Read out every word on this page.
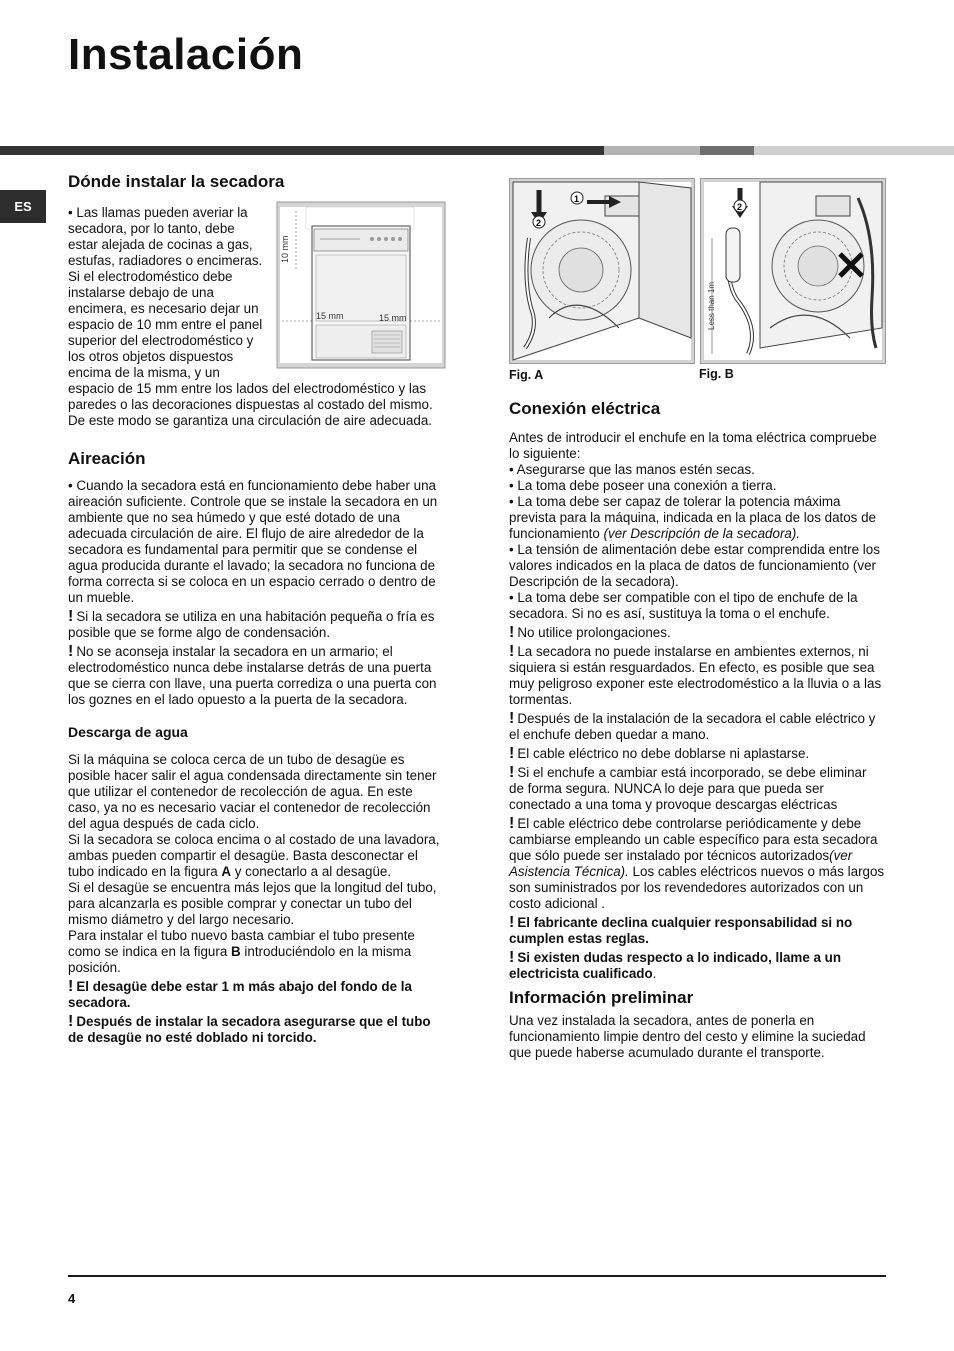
Instalación
ES
Dónde instalar la secadora
10 mm
15 mm	15 mm

• Las llamas pueden averiar la secadora, por lo tanto, debe estar alejada de cocinas a gas, estufas, radiadores o encimeras.

Si el electrodoméstico debe instalarse debajo de una encimera, es necesario dejar un espacio de 10 mm entre el panel superior del electrodoméstico y los otros objetos dispuestos encima de la misma, y un espacio de 15 mm entre los lados del electrodoméstico y las paredes o las decoraciones dispuestas al costado del mismo. De este modo se garantiza una circulación de aire adecuada.

Aireación

• Cuando la secadora está en funcionamiento debe haber una aireación suficiente. Controle que se instale la secadora en un ambiente que no sea húmedo y que esté dotado de una adecuada circulación de aire. El flujo de aire alrededor de la secadora es fundamental para permitir que se condense el agua producida durante el lavado; la secadora no funciona de forma correcta si se coloca en un espacio cerrado o dentro de un mueble.

! Si la secadora se utiliza en una habitación pequeña o fría es posible que se forme algo de condensación.

! No se aconseja instalar la secadora en un armario; el electrodoméstico nunca debe instalarse detrás de una puerta que se cierra con llave, una puerta corrediza o una puerta con los goznes en el lado opuesto a la puerta de la secadora.

Descarga de agua

Si la máquina se coloca cerca de un tubo de desagüe es posible hacer salir el agua condensada directamente sin tener que utilizar el contenedor de recolección de agua. En este caso, ya no es necesario vaciar el contenedor de recolección del agua después de cada ciclo.

Si la secadora se coloca encima o al costado de una lavadora, ambas pueden compartir el desagüe. Basta desconectar el tubo indicado en la figura A y conectarlo a al desagüe.

Si el desagüe se encuentra más lejos que la longitud del tubo, para alcanzarla es posible comprar y conectar un tubo del mismo diámetro y del largo necesario.

Para instalar el tubo nuevo basta cambiar el tubo presente como se indica en la figura B introduciéndolo en la misma posición.

! El desagüe debe estar 1 m más abajo del fondo de la secadora.

! Después de instalar la secadora asegurarse que el tubo de desagüe no esté doblado ni torcido.

1
2
2
Less than 1m
Fig. A	Fig. B
Conexión eléctrica

Antes de introducir el enchufe en la toma eléctrica compruebe lo siguiente:

• Asegurarse que las manos estén secas.

• La toma debe poseer una conexión a tierra.

• La toma debe ser capaz de tolerar la potencia máxima prevista para la máquina, indicada en la placa de los datos de funcionamiento (ver Descripción de la secadora).

• La tensión de alimentación debe estar comprendida entre los valores indicados en la placa de datos de funcionamiento (ver Descripción de la secadora).

• La toma debe ser compatible con el tipo de enchufe de la secadora. Si no es así, sustituya la toma o el enchufe.

! No utilice prolongaciones.

! La secadora no puede instalarse en ambientes externos, ni siquiera si están resguardados. En efecto, es posible que sea muy peligroso exponer este electrodoméstico a la lluvia o a las tormentas.

! Después de la instalación de la secadora el cable eléctrico y el enchufe deben quedar a mano.

! El cable eléctrico no debe doblarse ni aplastarse.

! Si el enchufe a cambiar está incorporado, se debe eliminar de forma segura. NUNCA lo deje para que pueda ser conectado a una toma y provoque descargas eléctricas

! El cable eléctrico debe controlarse periódicamente y debe cambiarse empleando un cable específico para esta secadora que sólo puede ser instalado por técnicos autorizados(ver Asistencia Técnica). Los cables eléctricos nuevos o más largos son suministrados por los revendedores autorizados con un costo adicional .

! El fabricante declina cualquier responsabilidad si no cumplen estas reglas.

! Si existen dudas respecto a lo indicado, llame a un electricista cualificado.

Información preliminar

Una vez instalada la secadora, antes de ponerla en funcionamiento limpie dentro del cesto y elimine la suciedad que puede haberse acumulado durante el transporte.

4
